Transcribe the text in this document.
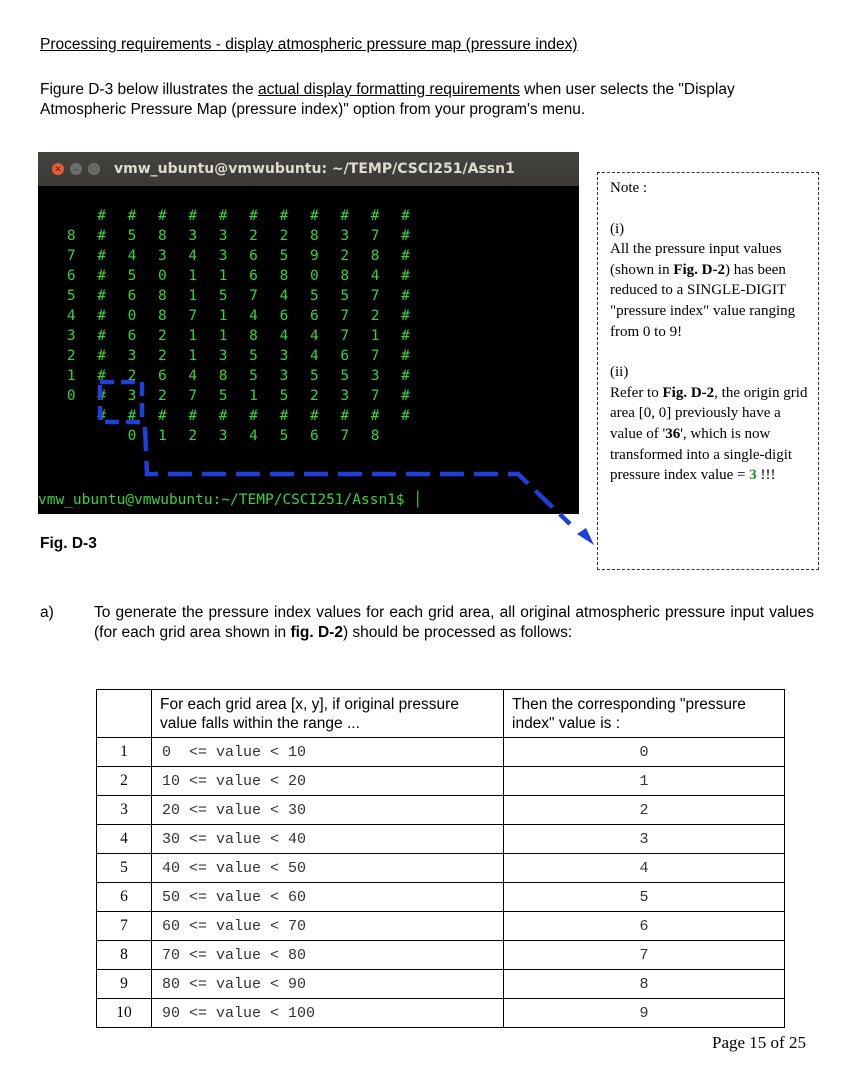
Processing requirements - display atmospheric pressure map (pressure index)
Figure D-3 below illustrates the actual display formatting requirements when user selects the "Display Atmospheric Pressure Map (pressure index)" option from your program's menu.
✕	–	□ vmw_ubuntu@vmwubuntu: ~/TEMP/CSCI251/Assn1
# # # # # # # # # # #
8 # 5 8 3 3 2 2 8 3 7 #
7 # 4 3 4 3 6 5 9 2 8 #
6 # 5 0 1 1 6 8 0 8 4 #
5 # 6 8 1 5 7 4 5 5 7 #
4 # 0 8 7 1 4 6 6 7 2 #
3 # 6 2 1 1 8 4 4 7 1 #
2 # 3 2 1 3 5 3 4 6 7 #
1 # 2 6 4 8 5 3 5 5 3 #
0 # 3 2 7 5 1 5 2 3 7 #
# # # # # # # # # # #
0 1 2 3 4 5 6 7 8
vmw_ubuntu@vmwubuntu:~/TEMP/CSCI251/Assn1$ │
Fig. D-3

Note :

(i)

All the pressure input values (shown in Fig. D-2) has been reduced to a SINGLE-DIGIT "pressure index" value ranging from 0 to 9!

(ii)

Refer to Fig. D-2, the origin grid area [0, 0] previously have a value of '36', which is now transformed into a single-digit pressure index value = 3 !!!

a)	To generate the pressure index values for each grid area, all original atmospheric pressure input values (for each grid area shown in fig. D-2) should be processed as follows:
	For each grid area [x, y], if original pressure value falls within the range ...	Then the corresponding "pressure index" value is :
1	0  <= value < 10	0
2	10 <= value < 20	1
3	20 <= value < 30	2
4	30 <= value < 40	3
5	40 <= value < 50	4
6	50 <= value < 60	5
7	60 <= value < 70	6
8	70 <= value < 80	7
9	80 <= value < 90	8
10	90 <= value < 100	9
Page 15 of 25
